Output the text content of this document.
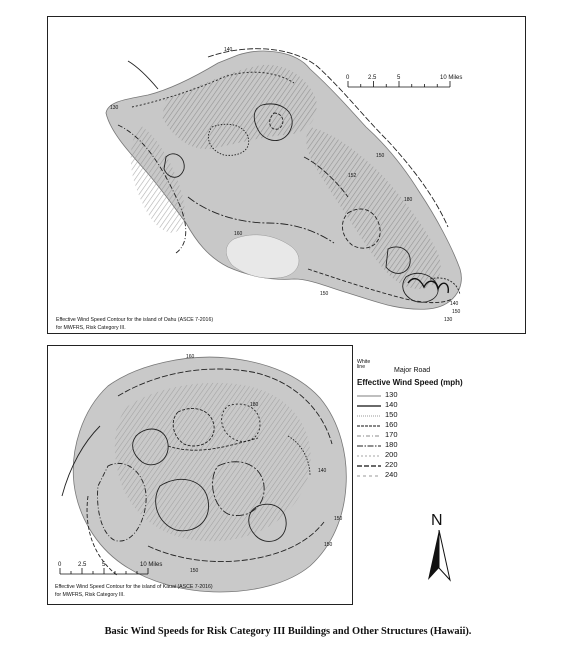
140
130
150
152
160
180
150
140
150
130
0	2.5	5	10 Miles

Effective Wind Speed Contour for the island of Oahu (ASCE 7-2016)
for MWFRS, Risk Category III.

160
140
150
150
180
150
0	2.5	5	10 Miles

Effective Wind Speed Contour for the island of Kauai (ASCE 7-2016)
for MWFRS, Risk Category III.

White line	Major Road
Effective Wind Speed (mph)
130
140
150
160
170
180
200
220
240
N
Basic Wind Speeds for Risk Category III Buildings and Other Structures (Hawaii).
